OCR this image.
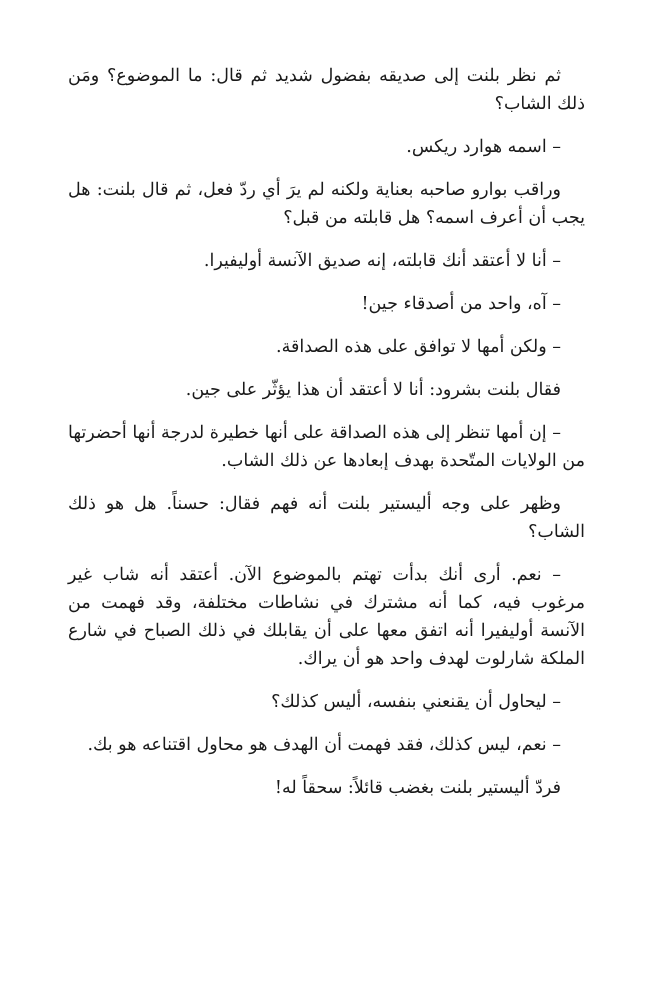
ثم نظر بلنت إلى صديقه بفضول شديد ثم قال: ما الموضوع؟ ومَن ذلك الشاب؟

– اسمه هوارد ريكس.

وراقب بوارو صاحبه بعناية ولكنه لم يرَ أي ردّ فعل، ثم قال بلنت: هل يجب أن أعرف اسمه؟ هل قابلته من قبل؟

– أنا لا أعتقد أنك قابلته، إنه صديق الآنسة أوليفيرا.

– آه، واحد من أصدقاء جين!

– ولكن أمها لا توافق على هذه الصداقة.

فقال بلنت بشرود: أنا لا أعتقد أن هذا يؤثّر على جين.

– إن أمها تنظر إلى هذه الصداقة على أنها خطيرة لدرجة أنها أحضرتها من الولايات المتّحدة بهدف إبعادها عن ذلك الشاب.

وظهر على وجه أليستير بلنت أنه فهم فقال: حسناً. هل هو ذلك الشاب؟

– نعم. أرى أنك بدأت تهتم بالموضوع الآن. أعتقد أنه شاب غير مرغوب فيه، كما أنه مشترك في نشاطات مختلفة، وقد فهمت من الآنسة أوليفيرا أنه اتفق معها على أن يقابلك في ذلك الصباح في شارع الملكة شارلوت لهدف واحد هو أن يراك.

– ليحاول أن يقنعني بنفسه، أليس كذلك؟

– نعم، ليس كذلك، فقد فهمت أن الهدف هو محاول اقتناعه هو بك.

فردّ أليستير بلنت بغضب قائلاً: سحقاً له!
